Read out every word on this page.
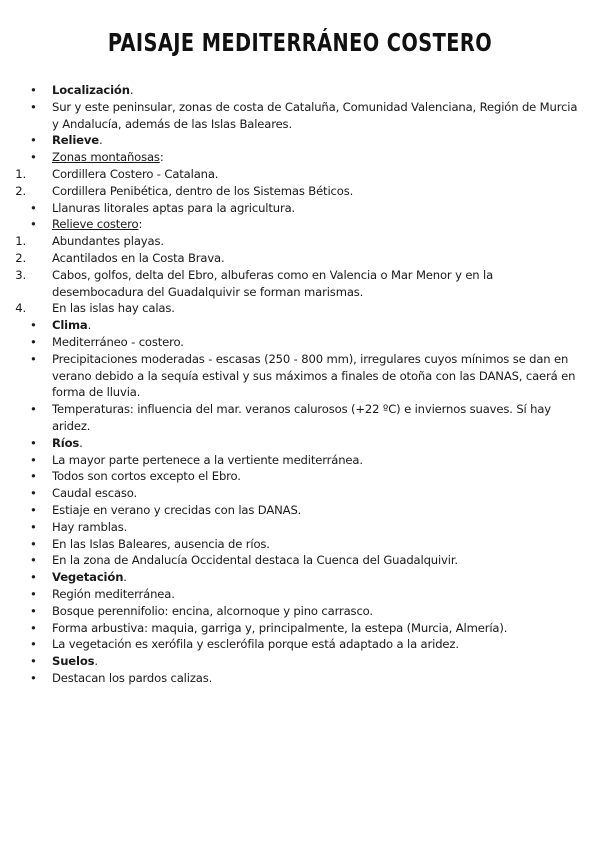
PAISAJE MEDITERRÁNEO COSTERO
• Localización.
• Sur y este peninsular, zonas de costa de Cataluña, Comunidad Valenciana, Región de Murcia y Andalucía, además de las Islas Baleares.
• Relieve.
• Zonas montañosas:
1. Cordillera Costero - Catalana.
2. Cordillera Penibética, dentro de los Sistemas Béticos.
• Llanuras litorales aptas para la agricultura.
• Relieve costero:
1. Abundantes playas.
2. Acantilados en la Costa Brava.
3. Cabos, golfos, delta del Ebro, albuferas como en Valencia o Mar Menor y en la desembocadura del Guadalquivir se forman marismas.
4. En las islas hay calas.
• Clima.
• Mediterráneo - costero.
• Precipitaciones moderadas - escasas (250 - 800 mm), irregulares cuyos mínimos se dan en verano debido a la sequía estival y sus máximos a finales de otoña con las DANAS, caerá en forma de lluvia.
• Temperaturas: influencia del mar. veranos calurosos (+22 ºC) e inviernos suaves. Sí hay aridez.
• Ríos.
• La mayor parte pertenece a la vertiente mediterránea.
• Todos son cortos excepto el Ebro.
• Caudal escaso.
• Estiaje en verano y crecidas con las DANAS.
• Hay ramblas.
• En las Islas Baleares, ausencia de ríos.
• En la zona de Andalucía Occidental destaca la Cuenca del Guadalquivir.
• Vegetación.
• Región mediterránea.
• Bosque perennifolio: encina, alcornoque y pino carrasco.
• Forma arbustiva: maquia, garriga y, principalmente, la estepa (Murcia, Almería).
• La vegetación es xerófila y esclerófila porque está adaptado a la aridez.
• Suelos.
• Destacan los pardos calizas.
